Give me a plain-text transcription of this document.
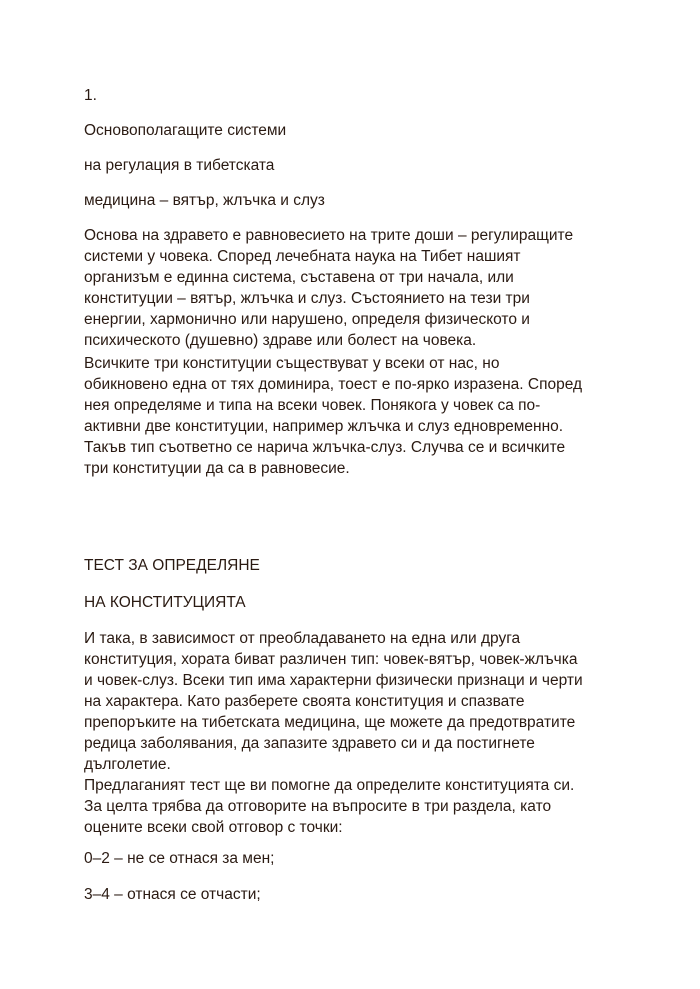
1.
Основополагащите системи
на регулация в тибетската
медицина – вятър, жлъчка и слуз
Основа на здравето е равновесието на трите доши – регулиращите
системи у човека. Според лечебната наука на Тибет нашият
организъм е единна система, съставена от три начала, или
конституции – вятър, жлъчка и слуз. Състоянието на тези три
енергии, хармонично или нарушено, определя физическото и
психическото (душевно) здраве или болест на човека.
Всичките три конституции съществуват у всеки от нас, но
обикновено една от тях доминира, тоест е по-ярко изразена. Според
нея определяме и типа на всеки човек. Понякога у човек са по-
активни две конституции, например жлъчка и слуз едновременно.
Такъв тип съответно се нарича жлъчка-слуз. Случва се и всичките
три конституции да са в равновесие.
ТЕСТ ЗА ОПРЕДЕЛЯНЕ
НА КОНСТИТУЦИЯТА
И така, в зависимост от преобладаването на една или друга
конституция, хората биват различен тип: човек-вятър, човек-жлъчка
и човек-слуз. Всеки тип има характерни физически признаци и черти
на характера. Като разберете своята конституция и спазвате
препоръките на тибетската медицина, ще можете да предотвратите
редица заболявания, да запазите здравето си и да постигнете
дълголетие.
Предлаганият тест ще ви помогне да определите конституцията си.
За целта трябва да отговорите на въпросите в три раздела, като
оцените всеки свой отговор с точки:
0–2 – не се отнася за мен;
3–4 – отнася се отчасти;
